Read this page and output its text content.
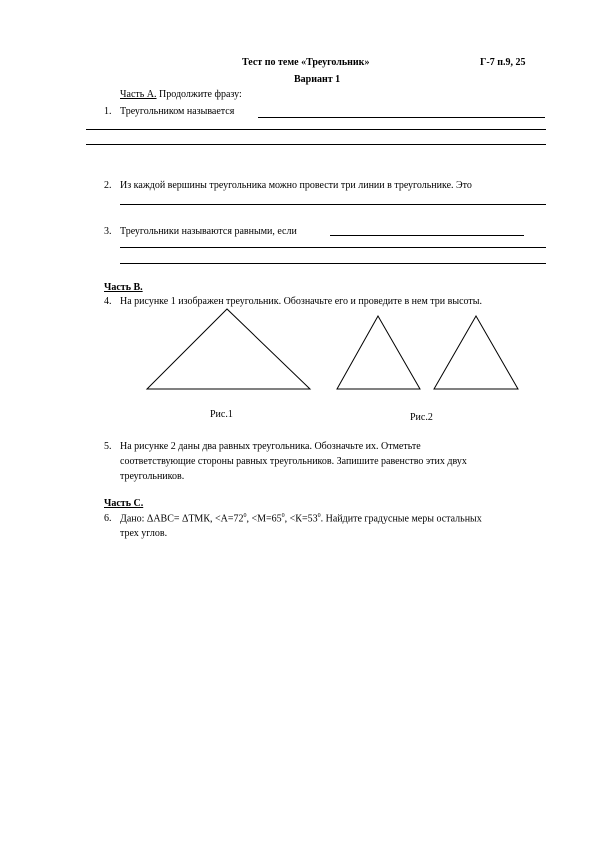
Тест по теме «Треугольник»	Г-7 п.9, 25
Вариант 1
Часть А. Продолжите фразу:
1. Треугольником называется
2. Из каждой вершины треугольника можно провести три линии в треугольнике. Это
3. Треугольники называются равными, если
Часть В.
4. На рисунке 1 изображен треугольник. Обозначьте его и проведите в нем три высоты.
Рис.1	Рис.2
5. На рисунке 2 даны два равных треугольника. Обозначьте их. Отметьте
соответствующие стороны равных треугольников. Запишите равенство этих двух
треугольников.
Часть С.
6. Дано: ΔАВС= ΔТМК, $<А=72^0$, $<М=65^0$, $<К=53^0$. Найдите градусные меры остальных
трех углов.
